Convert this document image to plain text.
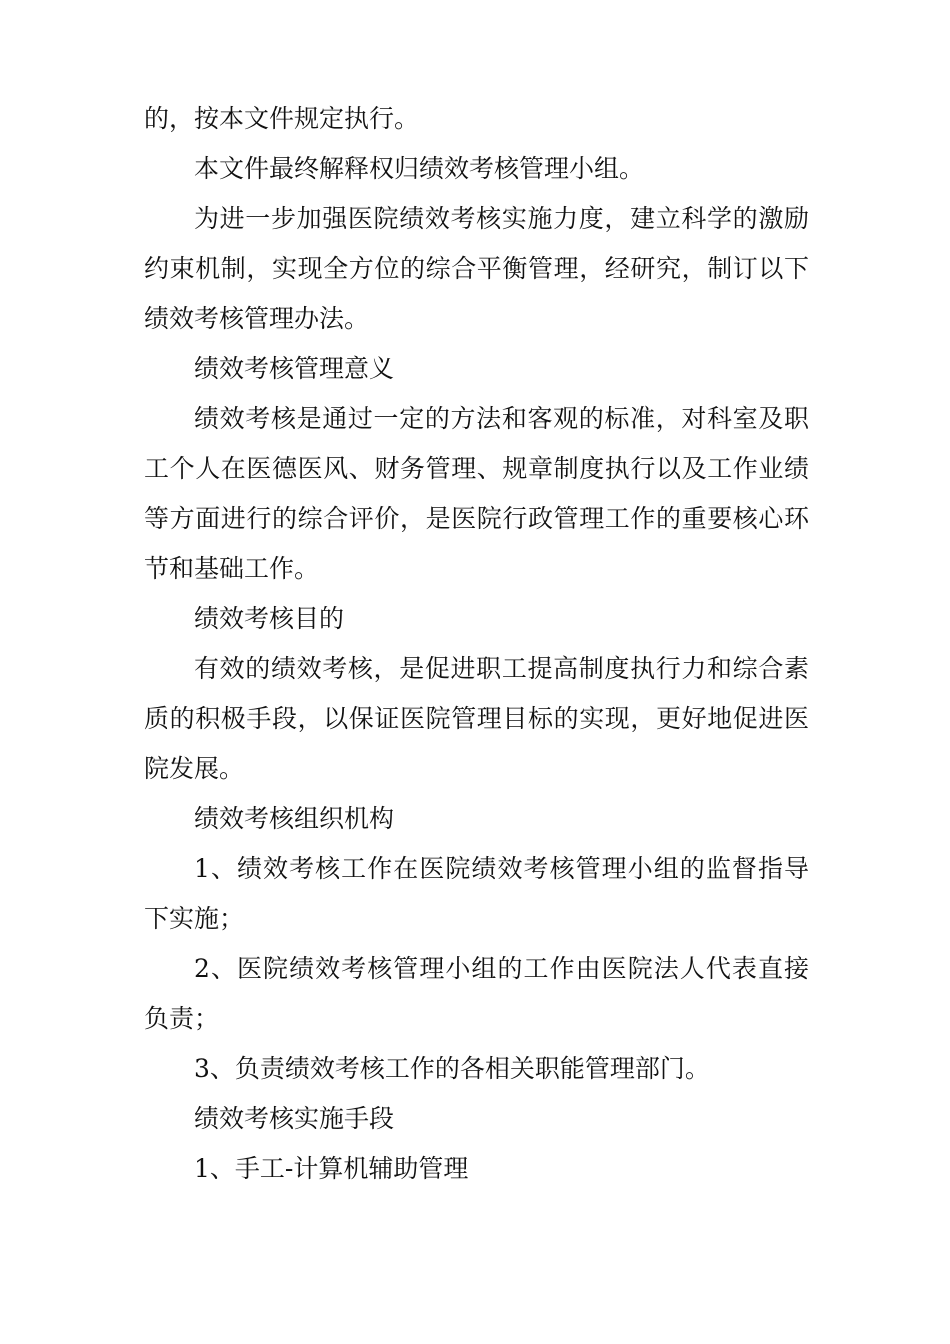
的，按本文件规定执行。

本文件最终解释权归绩效考核管理小组。

为进一步加强医院绩效考核实施力度，建立科学的激励约束机制，实现全方位的综合平衡管理，经研究，制订以下绩效考核管理办法。

绩效考核管理意义

绩效考核是通过一定的方法和客观的标准，对科室及职工个人在医德医风、财务管理、规章制度执行以及工作业绩等方面进行的综合评价，是医院行政管理工作的重要核心环节和基础工作。

绩效考核目的

有效的绩效考核，是促进职工提高制度执行力和综合素质的积极手段，以保证医院管理目标的实现，更好地促进医院发展。

绩效考核组织机构

1、绩效考核工作在医院绩效考核管理小组的监督指导下实施；

2、医院绩效考核管理小组的工作由医院法人代表直接负责；

3、负责绩效考核工作的各相关职能管理部门。

绩效考核实施手段

1、手工-计算机辅助管理
